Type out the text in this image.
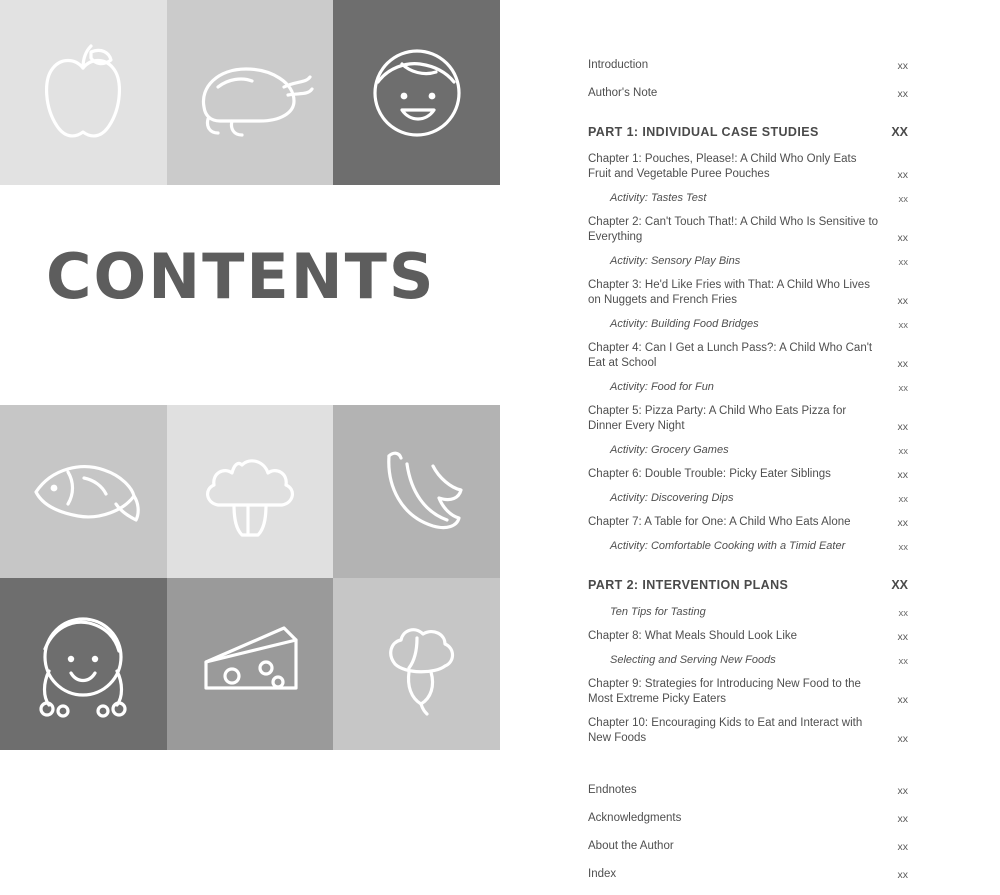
CONTENTS
Introduction	xx
Author's Note	xx
PART 1: INDIVIDUAL CASE STUDIES	XX
Chapter 1: Pouches, Please!: A Child Who Only Eats Fruit and Vegetable Puree Pouches	xx
Activity: Tastes Test	xx
Chapter 2: Can't Touch That!: A Child Who Is Sensitive to Everything	xx
Activity: Sensory Play Bins	xx
Chapter 3: He'd Like Fries with That: A Child Who Lives on Nuggets and French Fries	xx
Activity: Building Food Bridges	xx
Chapter 4: Can I Get a Lunch Pass?: A Child Who Can't Eat at School	xx
Activity: Food for Fun	xx
Chapter 5: Pizza Party: A Child Who Eats Pizza for Dinner Every Night	xx
Activity: Grocery Games	xx
Chapter 6: Double Trouble: Picky Eater Siblings	xx
Activity: Discovering Dips	xx
Chapter 7: A Table for One: A Child Who Eats Alone	xx
Activity: Comfortable Cooking with a Timid Eater	xx
PART 2: INTERVENTION PLANS	XX
Ten Tips for Tasting	xx
Chapter 8: What Meals Should Look Like	xx
Selecting and Serving New Foods	xx
Chapter 9: Strategies for Introducing New Food to the Most Extreme Picky Eaters	xx
Chapter 10: Encouraging Kids to Eat and Interact with New Foods	xx
Endnotes	xx
Acknowledgments	xx
About the Author	xx
Index	xx
